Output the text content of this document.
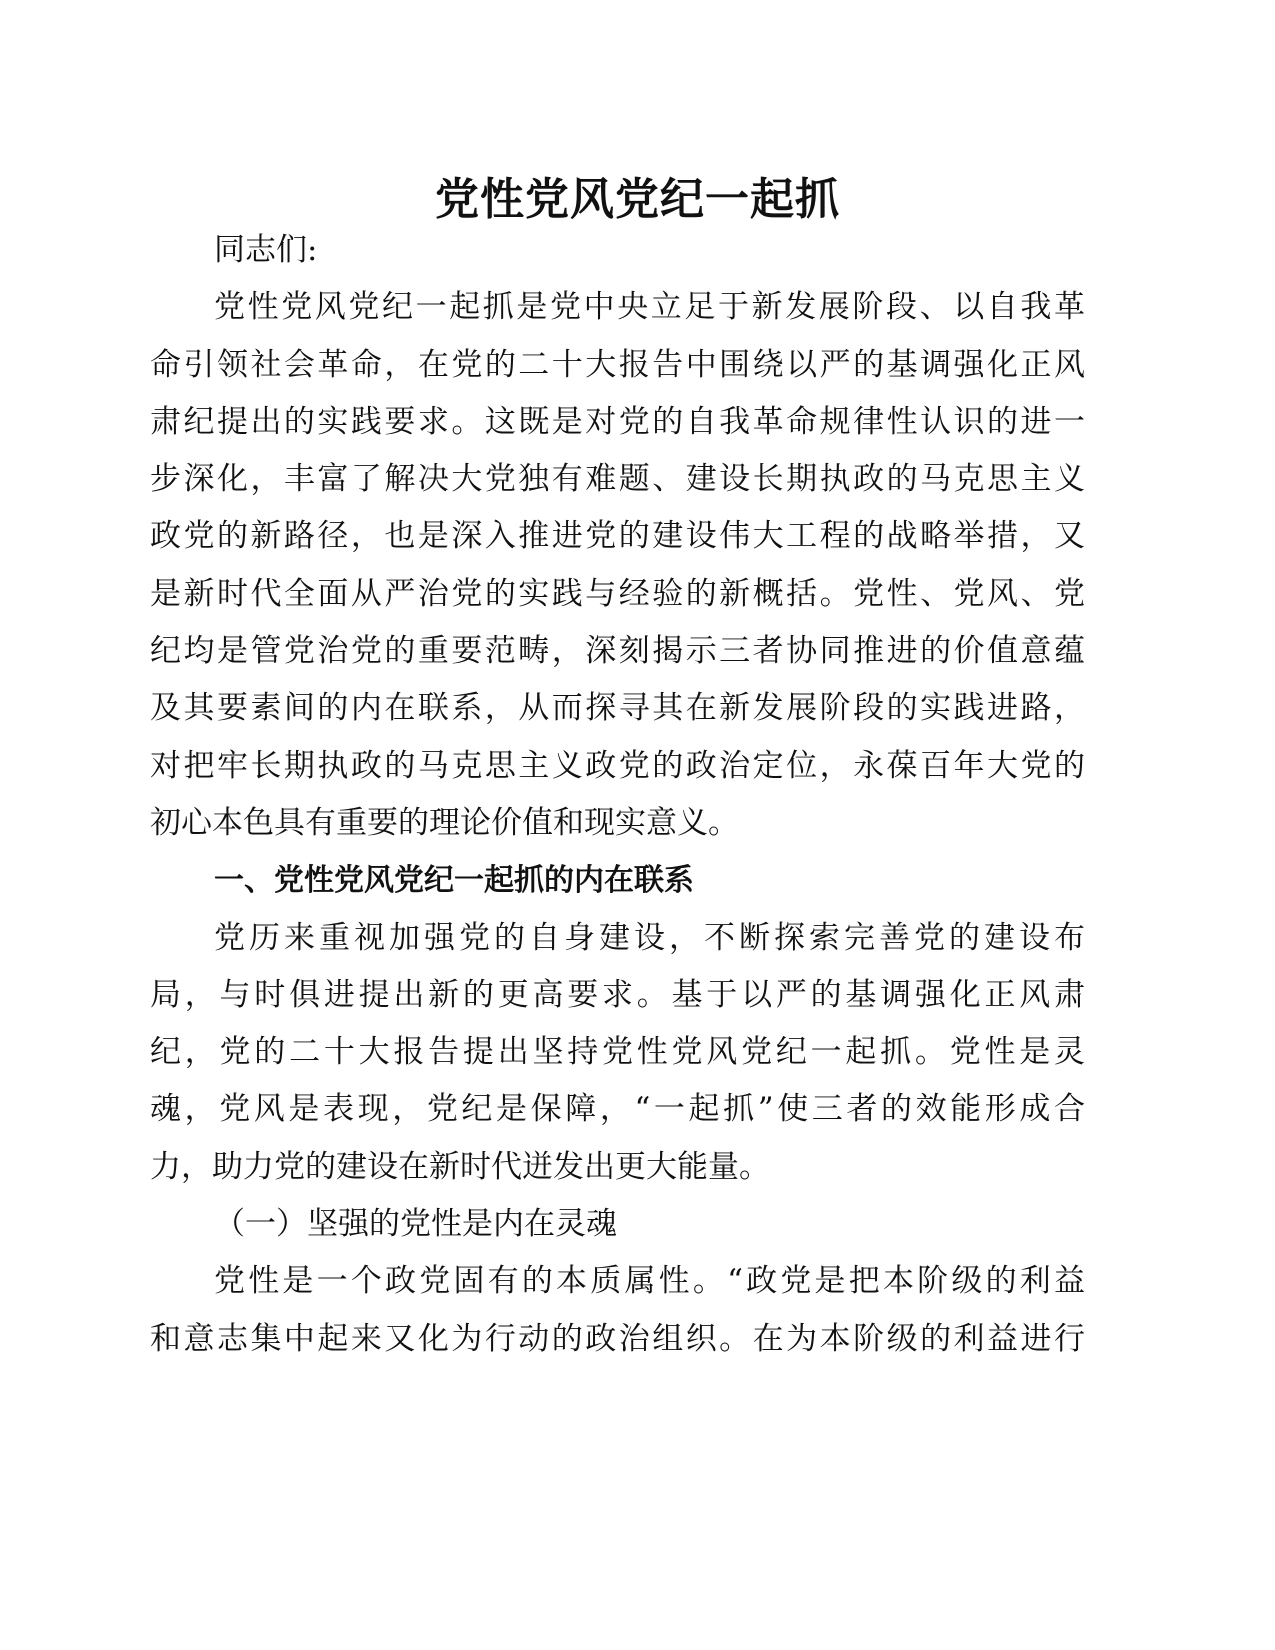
党性党风党纪一起抓
同志们:
党性党风党纪一起抓是党中央立足于新发展阶段、以自我革
命引领社会革命，在党的二十大报告中围绕以严的基调强化正风
肃纪提出的实践要求。这既是对党的自我革命规律性认识的进一
步深化，丰富了解决大党独有难题、建设长期执政的马克思主义
政党的新路径，也是深入推进党的建设伟大工程的战略举措，又
是新时代全面从严治党的实践与经验的新概括。党性、党风、党
纪均是管党治党的重要范畴，深刻揭示三者协同推进的价值意蕴
及其要素间的内在联系，从而探寻其在新发展阶段的实践进路，
对把牢长期执政的马克思主义政党的政治定位，永葆百年大党的
初心本色具有重要的理论价值和现实意义。
一、党性党风党纪一起抓的内在联系
党历来重视加强党的自身建设，不断探索完善党的建设布
局，与时俱进提出新的更高要求。基于以严的基调强化正风肃
纪，党的二十大报告提出坚持党性党风党纪一起抓。党性是灵
魂，党风是表现，党纪是保障，“一起抓”使三者的效能形成合
力，助力党的建设在新时代迸发出更大能量。
（一）坚强的党性是内在灵魂
党性是一个政党固有的本质属性。“政党是把本阶级的利益
和意志集中起来又化为行动的政治组织。在为本阶级的利益进行
